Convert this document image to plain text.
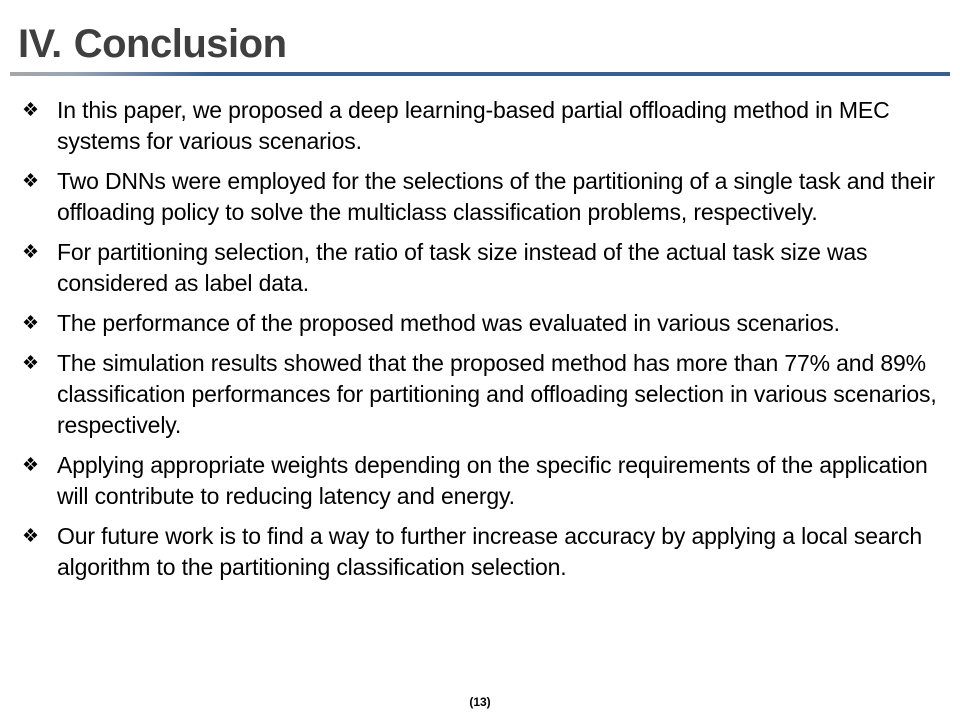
IV. Conclusion
❖ In this paper, we proposed a deep learning-based partial offloading method in MEC systems for various scenarios.
❖ Two DNNs were employed for the selections of the partitioning of a single task and their offloading policy to solve the multiclass classification problems, respectively.
❖ For partitioning selection, the ratio of task size instead of the actual task size was considered as label data.
❖ The performance of the proposed method was evaluated in various scenarios.
❖ The simulation results showed that the proposed method has more than 77% and 89% classification performances for partitioning and offloading selection in various scenarios, respectively.
❖ Applying appropriate weights depending on the specific requirements of the application will contribute to reducing latency and energy.
❖ Our future work is to find a way to further increase accuracy by applying a local search algorithm to the partitioning classification selection.
(13)
